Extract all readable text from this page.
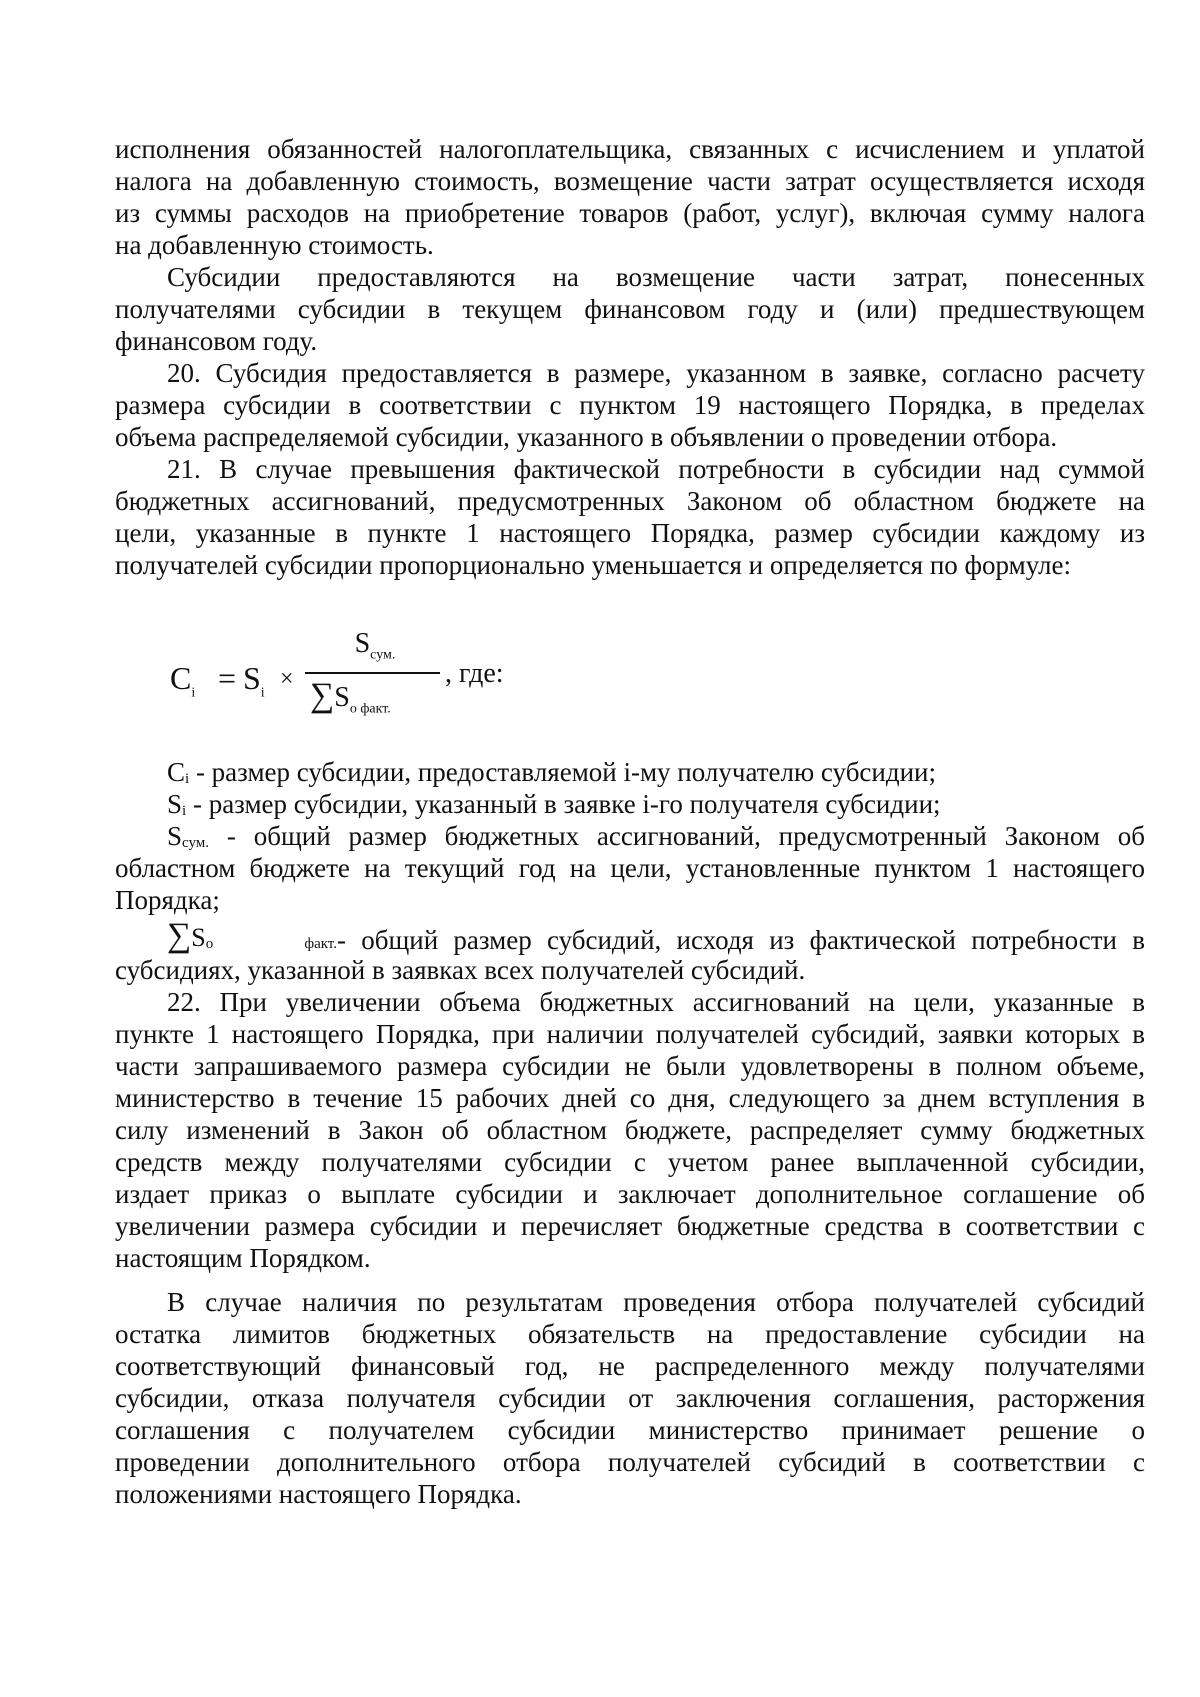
исполнения обязанностей налогоплательщика, связанных с исчислением и уплатой
налога на добавленную стоимость, возмещение части затрат осуществляется исходя
из суммы расходов на приобретение товаров (работ, услуг), включая сумму налога
на добавленную стоимость.
Субсидии предоставляются на возмещение части затрат, понесенных
получателями субсидии в текущем финансовом году и (или) предшествующем
финансовом году.
20. Субсидия предоставляется в размере, указанном в заявке, согласно расчету
размера субсидии в соответствии с пунктом 19 настоящего Порядка, в пределах
объема распределяемой субсидии, указанного в объявлении о проведении отбора.
21. В случае превышения фактической потребности в субсидии над суммой
бюджетных ассигнований, предусмотренных Законом об областном бюджете на
цели, указанные в пункте 1 настоящего Порядка, размер субсидии каждому из
получателей субсидии пропорционально уменьшается и определяется по формуле:
$C_i = S_i$
×
$S_{сум.}$
$\sum S_{о факт.}$
, где:
$C_i$ - размер субсидии, предоставляемой i-му получателю субсидии;
$S_i$ - размер субсидии, указанный в заявке i-го получателя субсидии;
$S_{сум.}$ - общий размер бюджетных ассигнований, предусмотренный Законом об
областном бюджете на текущий год на цели, установленные пунктом 1 настоящего
Порядка;
$\sum S_{о факт.}-$ общий размер субсидий, исходя из фактической потребности в
субсидиях, указанной в заявках всех получателей субсидий.
22. При увеличении объема бюджетных ассигнований на цели, указанные в
пункте 1 настоящего Порядка, при наличии получателей субсидий, заявки которых в
части запрашиваемого размера субсидии не были удовлетворены в полном объеме,
министерство в течение 15 рабочих дней со дня, следующего за днем вступления в
силу изменений в Закон об областном бюджете, распределяет сумму бюджетных
средств между получателями субсидии с учетом ранее выплаченной субсидии,
издает приказ о выплате субсидии и заключает дополнительное соглашение об
увеличении размера субсидии и перечисляет бюджетные средства в соответствии с
настоящим Порядком.
В случае наличия по результатам проведения отбора получателей субсидий
остатка лимитов бюджетных обязательств на предоставление субсидии на
соответствующий финансовый год, не распределенного между получателями
субсидии, отказа получателя субсидии от заключения соглашения, расторжения
соглашения с получателем субсидии министерство принимает решение о
проведении дополнительного отбора получателей субсидий в соответствии с
положениями настоящего Порядка.
